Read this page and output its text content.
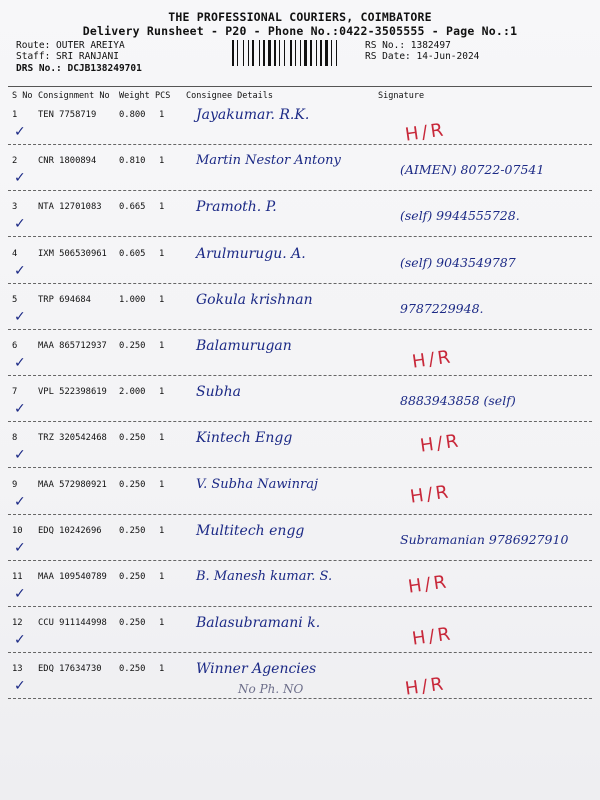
THE PROFESSIONAL COURIERS, COIMBATORE
Delivery Runsheet - P20 - Phone No.:0422-3505555 - Page No.:1
Route: OUTER AREIYA
Staff: SRI RANJANI
DRS No.: DCJB138249701
RS No.: 1382497
RS Date: 14-Jun-2024
S No Consignment No Weight PCS Consignee Details	Signature
1 TEN 7758719	0.800 1 Jayakumar. R.K.
✓	H/R
2 CNR 1800894	0.810 1 Martin Nestor Antony
✓
(AIMEN) 80722-07541
3 NTA 12701083 0.665 1 Pramoth. P.
✓
(self) 9944555728.
4 IXM 506530961 0.605 1 Arulmurugu. A.
✓
(self) 9043549787
5 TRP 694684	1.000 1 Gokula krishnan
✓
9787229948.
6 MAA 865712937 0.250 1 Balamurugan
✓	H/R
7 VPL 522398619 2.000 1 Subha
✓
8883943858 (self)
8 TRZ 320542468 0.250 1 Kintech Engg
✓	H/R
9 MAA 572980921 0.250 1 V. Subha Nawinraj
✓	H/R
10 EDQ 10242696 0.250 1 Multitech engg
✓
Subramanian 9786927910
11 MAA 109540789 0.250 1 B. Manesh kumar. S.
✓	H/R
12 CCU 911144998 0.250 1 Balasubramani k.
✓	H/R
13 EDQ 17634730 0.250 1 Winner Agencies
✓	H/R
No Ph. NO
